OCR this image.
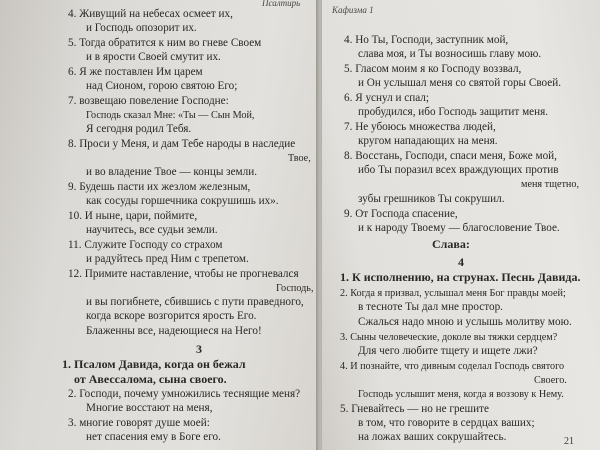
Псалтирь
4. Живущий на небесах осмеет их,
и Господь опозорит их.
5. Тогда обратится к ним во гневе Своем
и в ярости Своей смутит их.
6. Я же поставлен Им царем
над Сионом, горою святою Его;
7. возвещаю повеление Господне:
Господь сказал Мне: «Ты — Сын Мой,
Я сегодня родил Тебя.
8. Проси у Меня, и дам Тебе народы в наследие
Твое,
и во владение Твое — концы земли.
9. Будешь пасти их жезлом железным,
как сосуды горшечника сокрушишь их».
10. И ныне, цари, поймите,
научитесь, все судьи земли.
11. Служите Господу со страхом
и радуйтесь пред Ним с трепетом.
12. Примите наставление, чтобы не прогневался
Господь,
и вы погибнете, сбившись с пути праведного,
когда вскоре возгорится ярость Его.
Блаженны все, надеющиеся на Него!
3
1. Псалом Давида, когда он бежал
от Авессалома, сына своего.
2. Господи, почему умножились теснящие меня?
Многие восстают на меня,
3. многие говорят душе моей:
нет спасения ему в Боге его.
Кафизма 1
4. Но Ты, Господи, заступник мой,
слава моя, и Ты возносишь главу мою.
5. Гласом моим я ко Господу воззвал,
и Он услышал меня со святой горы Своей.
6. Я уснул и спал;
пробудился, ибо Господь защитит меня.
7. Не убоюсь множества людей,
кругом нападающих на меня.
8. Восстань, Господи, спаси меня, Боже мой,
ибо Ты поразил всех враждующих против
меня тщетно,
зубы грешников Ты сокрушил.
9. От Господа спасение,
и к народу Твоему — благословение Твое.
Слава:
4
1. К исполнению, на струнах. Песнь Давида.
2. Когда я призвал, услышал меня Бог правды моей;
в тесноте Ты дал мне простор.
Сжалься надо мною и услышь молитву мою.
3. Сыны человеческие, доколе вы тяжки сердцем?
Для чего любите тщету и ищете лжи?
4. И познайте, что дивным соделал Господь святого
Своего.
Господь услышит меня, когда я воззову к Нему.
5. Гневайтесь — но не грешите
в том, что говорите в сердцах ваших;
на ложах ваших сокрушайтесь.	21
